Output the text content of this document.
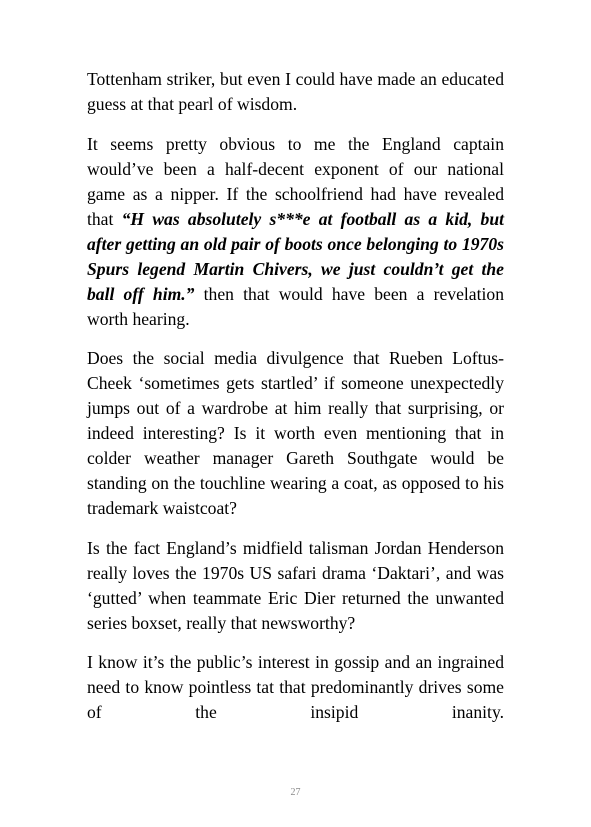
Tottenham striker, but even I could have made an educated guess at that pearl of wisdom.

It seems pretty obvious to me the England captain would’ve been a half-decent exponent of our national game as a nipper. If the schoolfriend had have revealed that “H was absolutely s***e at football as a kid, but after getting an old pair of boots once belonging to 1970s Spurs legend Martin Chivers, we just couldn’t get the ball off him.” then that would have been a revelation worth hearing.

Does the social media divulgence that Rueben Loftus-Cheek ‘sometimes gets startled’ if someone unexpectedly jumps out of a wardrobe at him really that surprising, or indeed interesting? Is it worth even mentioning that in colder weather manager Gareth Southgate would be standing on the touchline wearing a coat, as opposed to his trademark waistcoat?

Is the fact England’s midfield talisman Jordan Henderson really loves the 1970s US safari drama ‘Daktari’, and was ‘gutted’ when teammate Eric Dier returned the unwanted series boxset, really that newsworthy?

I know it’s the public’s interest in gossip and an ingrained need to know pointless tat that predominantly drives some of the insipid inanity.

27
